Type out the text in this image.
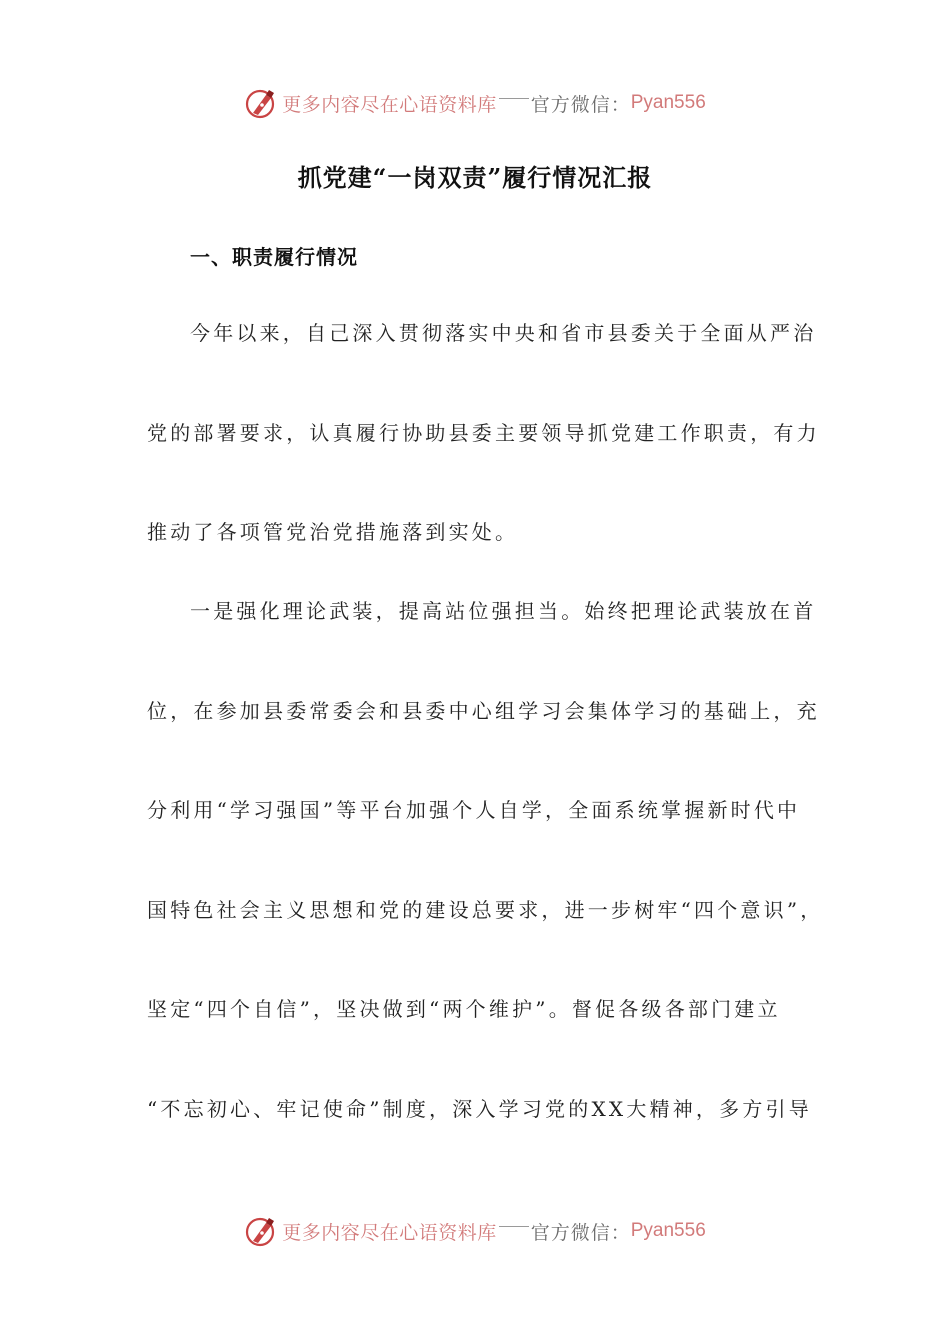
更多内容尽在心语资料库 官方微信： Pyan556
抓党建“一岗双责”履行情况汇报
一、职责履行情况
今年以来，自己深入贯彻落实中央和省市县委关于全面从严治
党的部署要求，认真履行协助县委主要领导抓党建工作职责，有力
推动了各项管党治党措施落到实处。
一是强化理论武装，提高站位强担当。始终把理论武装放在首
位，在参加县委常委会和县委中心组学习会集体学习的基础上，充
分利用“学习强国”等平台加强个人自学，全面系统掌握新时代中
国特色社会主义思想和党的建设总要求，进一步树牢“四个意识”，
坚定“四个自信”，坚决做到“两个维护”。督促各级各部门建立
“不忘初心、牢记使命”制度，深入学习党的XX大精神，多方引导
更多内容尽在心语资料库 官方微信： Pyan556
